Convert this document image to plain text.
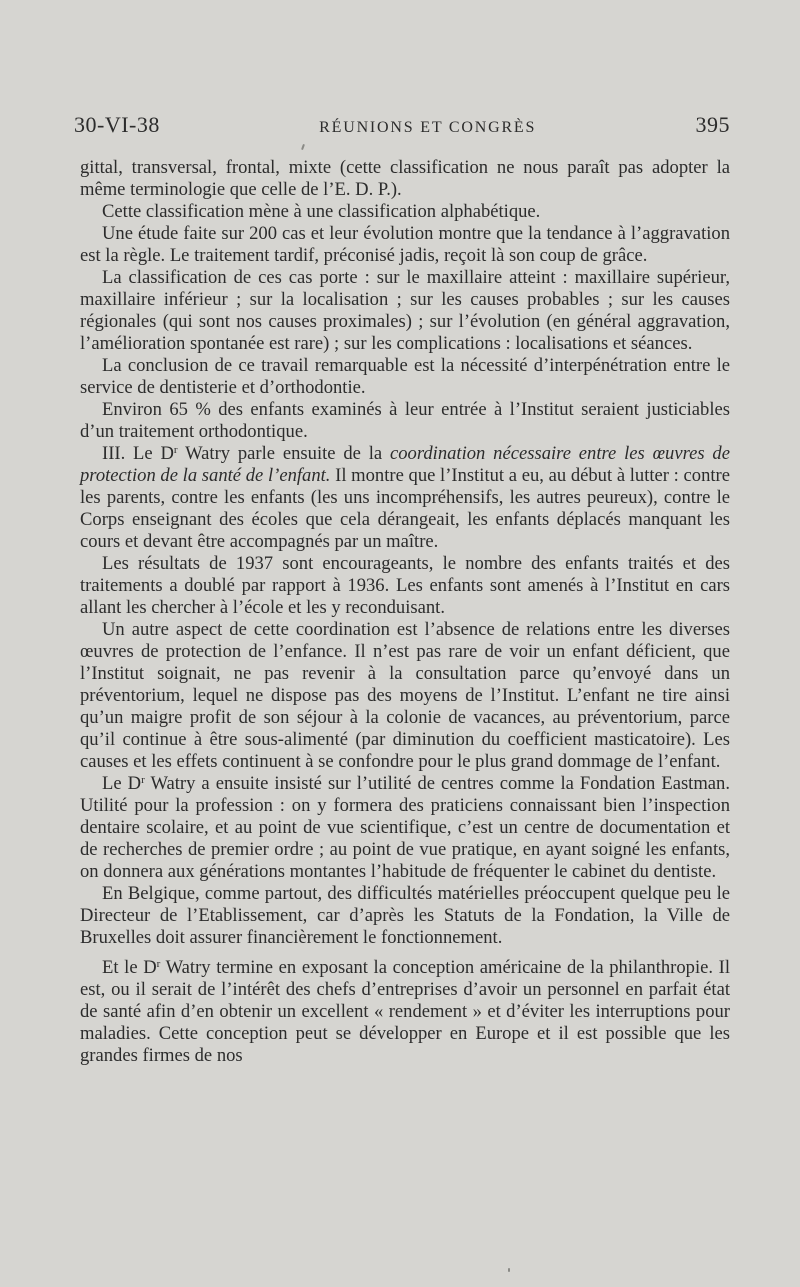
30-VI-38	RÉUNIONS ET CONGRÈS	395

gittal, transversal, frontal, mixte (cette classification ne nous paraît pas adopter la même terminologie que celle de l’E. D. P.).

Cette classification mène à une classification alphabétique.

Une étude faite sur 200 cas et leur évolution montre que la tendance à l’aggravation est la règle. Le traitement tardif, préconisé jadis, reçoit là son coup de grâce.

La classification de ces cas porte : sur le maxillaire atteint : maxillaire supérieur, maxillaire inférieur ; sur la localisation ; sur les causes probables ; sur les causes régionales (qui sont nos causes proximales) ; sur l’évolution (en général aggravation, l’amélioration spontanée est rare) ; sur les complications : localisations et séances.

La conclusion de ce travail remarquable est la nécessité d’interpénétration entre le service de dentisterie et d’orthodontie.

Environ 65 % des enfants examinés à leur entrée à l’Institut seraient justiciables d’un traitement orthodontique.

III. Le $D^r$ Watry parle ensuite de la coordination nécessaire entre les œuvres de protection de la santé de l’enfant. Il montre que l’Institut a eu, au début à lutter : contre les parents, contre les enfants (les uns incompréhensifs, les autres peureux), contre le Corps enseignant des écoles que cela dérangeait, les enfants déplacés manquant les cours et devant être accompagnés par un maître.

Les résultats de 1937 sont encourageants, le nombre des enfants traités et des traitements a doublé par rapport à 1936. Les enfants sont amenés à l’Institut en cars allant les chercher à l’école et les y reconduisant.

Un autre aspect de cette coordination est l’absence de relations entre les diverses œuvres de protection de l’enfance. Il n’est pas rare de voir un enfant déficient, que l’Institut soignait, ne pas revenir à la consultation parce qu’envoyé dans un préventorium, lequel ne dispose pas des moyens de l’Institut. L’enfant ne tire ainsi qu’un maigre profit de son séjour à la colonie de vacances, au préventorium, parce qu’il continue à être sous-alimenté (par diminution du coefficient masticatoire). Les causes et les effets continuent à se confondre pour le plus grand dommage de l’enfant.

Le $D^r$ Watry a ensuite insisté sur l’utilité de centres comme la Fondation Eastman. Utilité pour la profession : on y formera des praticiens connaissant bien l’inspection dentaire scolaire, et au point de vue scientifique, c’est un centre de documentation et de recherches de premier ordre ; au point de vue pratique, en ayant soigné les enfants, on donnera aux générations montantes l’habitude de fréquenter le cabinet du dentiste.

En Belgique, comme partout, des difficultés matérielles préoccupent quelque peu le Directeur de l’Etablissement, car d’après les Statuts de la Fondation, la Ville de Bruxelles doit assurer financièrement le fonctionnement.

Et le $D^r$ Watry termine en exposant la conception américaine de la philanthropie. Il est, ou il serait de l’intérêt des chefs d’entreprises d’avoir un personnel en parfait état de santé afin d’en obtenir un excellent « rendement » et d’éviter les interruptions pour maladies. Cette conception peut se développer en Europe et il est possible que les grandes firmes de nos
